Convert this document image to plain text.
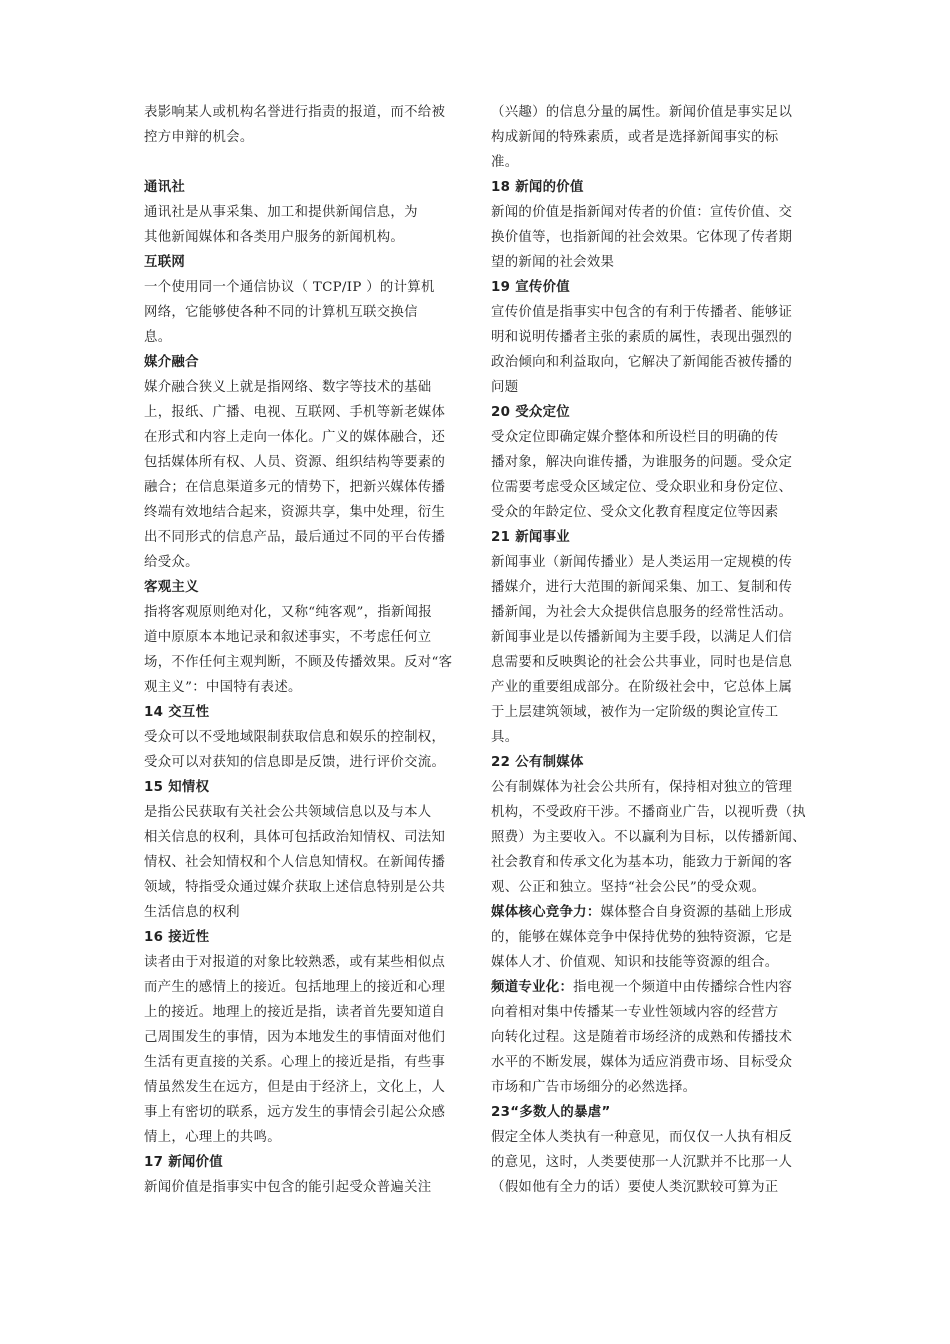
表影响某人或机构名誉进行指责的报道，而不给被
控方申辩的机会。
通讯社
通讯社是从事采集、加工和提供新闻信息，为
其他新闻媒体和各类用户服务的新闻机构。
互联网
一个使用同一个通信协议（ TCP/IP ）的计算机
网络，它能够使各种不同的计算机互联交换信
息。
媒介融合
媒介融合狭义上就是指网络、数字等技术的基础
上，报纸、广播、电视、互联网、手机等新老媒体
在形式和内容上走向一体化。广义的媒体融合，还
包括媒体所有权、人员、资源、组织结构等要素的
融合；在信息渠道多元的情势下，把新兴媒体传播
终端有效地结合起来，资源共享，集中处理，衍生
出不同形式的信息产品，最后通过不同的平台传播
给受众。
客观主义
指将客观原则绝对化，又称“纯客观”，指新闻报
道中原原本本地记录和叙述事实，不考虑任何立
场，不作任何主观判断，不顾及传播效果。反对“客
观主义”：中国特有表述。
14 交互性
受众可以不受地域限制获取信息和娱乐的控制权，
受众可以对获知的信息即是反馈，进行评价交流。
15 知情权
是指公民获取有关社会公共领域信息以及与本人
相关信息的权利，具体可包括政治知情权、司法知
情权、社会知情权和个人信息知情权。在新闻传播
领域，特指受众通过媒介获取上述信息特别是公共
生活信息的权利
16 接近性
读者由于对报道的对象比较熟悉，或有某些相似点
而产生的感情上的接近。包括地理上的接近和心理
上的接近。地理上的接近是指，读者首先要知道自
己周围发生的事情，因为本地发生的事情面对他们
生活有更直接的关系。心理上的接近是指，有些事
情虽然发生在远方，但是由于经济上，文化上，人
事上有密切的联系，远方发生的事情会引起公众感
情上，心理上的共鸣。
17 新闻价值
新闻价值是指事实中包含的能引起受众普遍关注
（兴趣）的信息分量的属性。新闻价值是事实足以
构成新闻的特殊素质，或者是选择新闻事实的标
准。
18 新闻的价值
新闻的价值是指新闻对传者的价值：宣传价值、交
换价值等，也指新闻的社会效果。它体现了传者期
望的新闻的社会效果
19 宣传价值
宣传价值是指事实中包含的有利于传播者、能够证
明和说明传播者主张的素质的属性，表现出强烈的
政治倾向和利益取向，它解决了新闻能否被传播的
问题
20 受众定位
受众定位即确定媒介整体和所设栏目的明确的传
播对象，解决向谁传播，为谁服务的问题。受众定
位需要考虑受众区域定位、受众职业和身份定位、
受众的年龄定位、受众文化教育程度定位等因素
21 新闻事业
新闻事业（新闻传播业）是人类运用一定规模的传
播媒介，进行大范围的新闻采集、加工、复制和传
播新闻，为社会大众提供信息服务的经常性活动。
新闻事业是以传播新闻为主要手段，以满足人们信
息需要和反映舆论的社会公共事业，同时也是信息
产业的重要组成部分。在阶级社会中，它总体上属
于上层建筑领域，被作为一定阶级的舆论宣传工
具。
22 公有制媒体
公有制媒体为社会公共所有，保持相对独立的管理
机构，不受政府干涉。不播商业广告，以视听费（执
照费）为主要收入。不以赢利为目标，以传播新闻、
社会教育和传承文化为基本功，能致力于新闻的客
观、公正和独立。坚持“社会公民”的受众观。
媒体核心竞争力：媒体整合自身资源的基础上形成
的，能够在媒体竞争中保持优势的独特资源，它是
媒体人才、价值观、知识和技能等资源的组合。
频道专业化：指电视一个频道中由传播综合性内容
向着相对集中传播某一专业性领域内容的经营方
向转化过程。这是随着市场经济的成熟和传播技术
水平的不断发展，媒体为适应消费市场、目标受众
市场和广告市场细分的必然选择。
23“多数人的暴虐”
假定全体人类执有一种意见，而仅仅一人执有相反
的意见，这时，人类要使那一人沉默并不比那一人
（假如他有全力的话）要使人类沉默较可算为正
